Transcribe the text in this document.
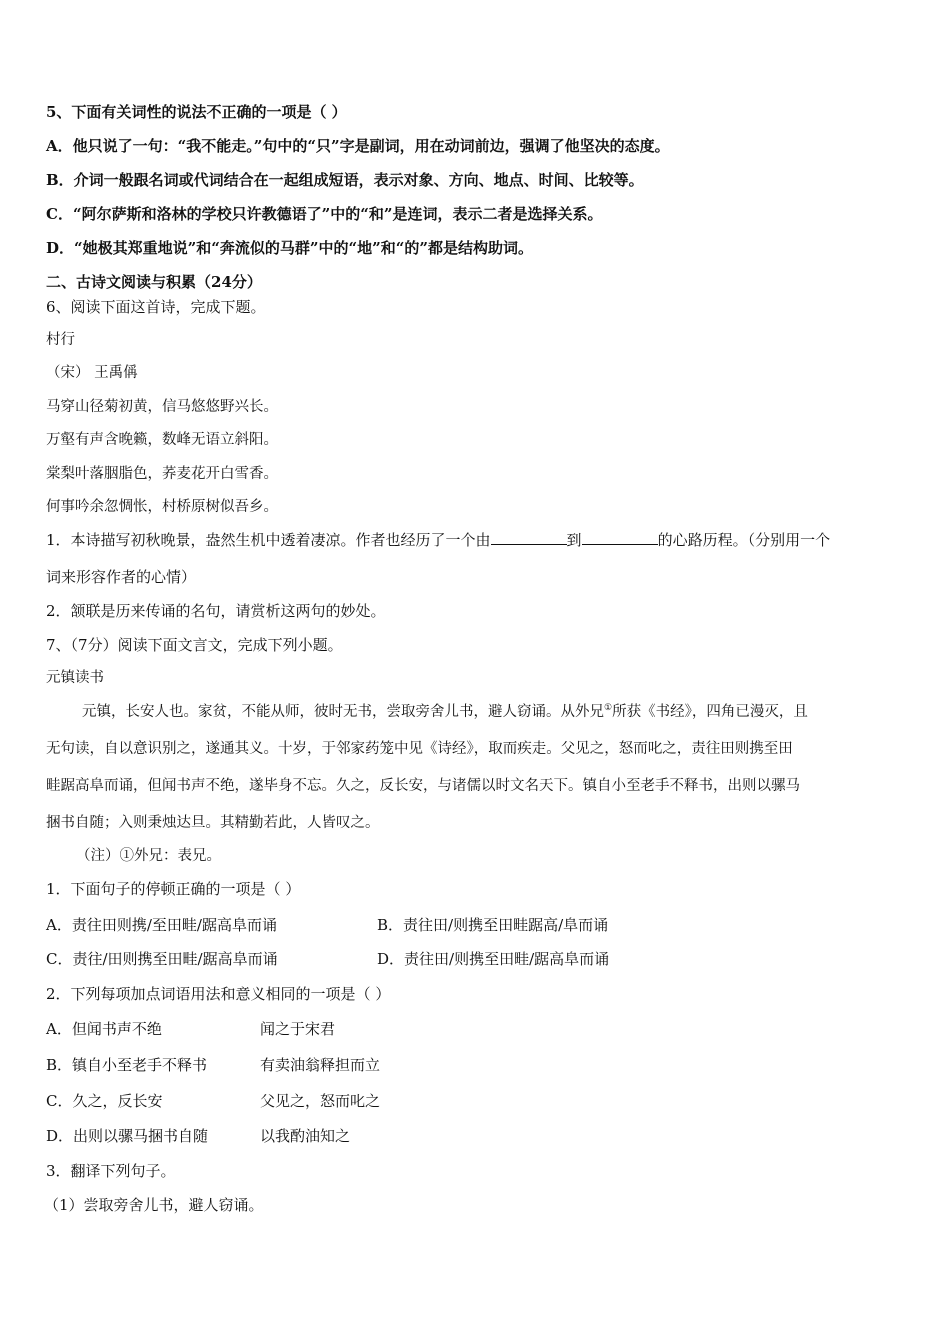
5、下面有关词性的说法不正确的一项是（ ）
A．他只说了一句：“我不能走。”句中的“只”字是副词，用在动词前边，强调了他坚决的态度。
B．介词一般跟名词或代词结合在一起组成短语，表示对象、方向、地点、时间、比较等。
C．“阿尔萨斯和洛林的学校只许教德语了”中的“和”是连词，表示二者是选择关系。
D．“她极其郑重地说”和“奔流似的马群”中的“地”和“的”都是结构助词。
二、古诗文阅读与积累（24分）
6、阅读下面这首诗，完成下题。
村行
（宋） 王禹偁
马穿山径菊初黄，信马悠悠野兴长。
万壑有声含晚籁，数峰无语立斜阳。
棠梨叶落胭脂色，荞麦花开白雪香。
何事吟余忽惆怅，村桥原树似吾乡。
1．本诗描写初秋晚景，盎然生机中透着凄凉。作者也经历了一个由	到	的心路历程。（分别用一个
词来形容作者的心情）
2．颔联是历来传诵的名句，请赏析这两句的妙处。
7、（7分）阅读下面文言文，完成下列小题。
元镇读书
元镇，长安人也。家贫，不能从师，彼时无书，尝取旁舍儿书，避人窃诵。从外兄①所获《书经》，四角已漫灭，且
无句读，自以意识别之，遂通其义。十岁，于邻家药笼中见《诗经》，取而疾走。父见之，怒而叱之，责往田则携至田
畦踞高阜而诵，但闻书声不绝，遂毕身不忘。久之，反长安，与诸儒以时文名天下。镇自小至老手不释书，出则以骡马
捆书自随；入则秉烛达旦。其精勤若此，人皆叹之。
（注）①外兄：表兄。
1．下面句子的停顿正确的一项是（ ）
A．责往田则携/至田畦/踞高阜而诵	B．责往田/则携至田畦踞高/阜而诵
C．责往/田则携至田畦/踞高阜而诵	D．责往田/则携至田畦/踞高阜而诵
2．下列每项加点词语用法和意义相同的一项是（ ）
A．但闻书声不绝	闻之于宋君
B．镇自小至老手不释书	有卖油翁释担而立
C．久之，反长安	父见之，怒而叱之
D．出则以骡马捆书自随	以我酌油知之
3．翻译下列句子。
（1）尝取旁舍儿书，避人窃诵。
